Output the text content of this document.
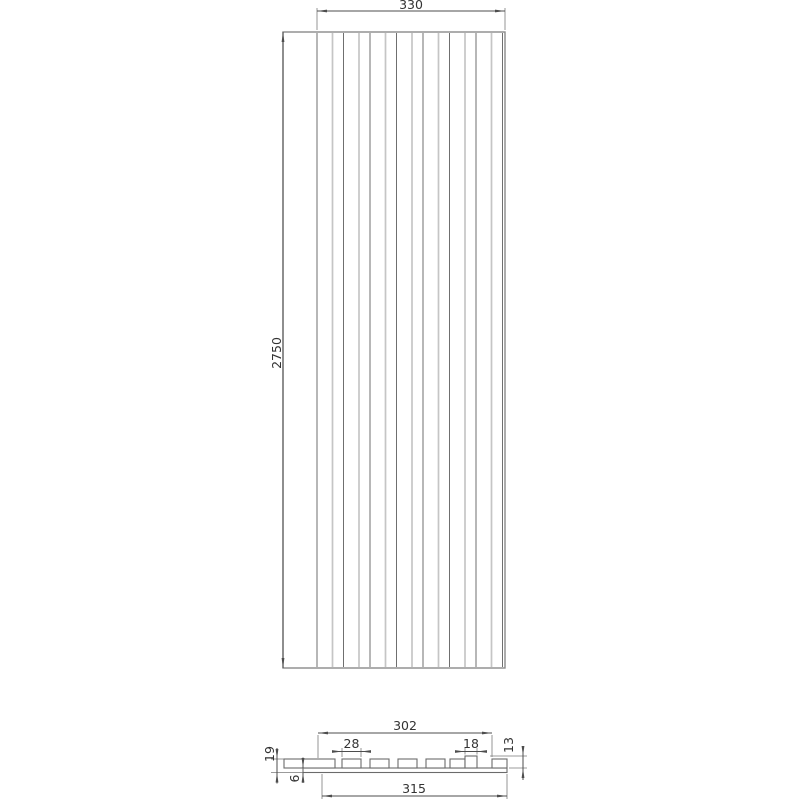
330
2750
302
28	18 13
19
6
315
